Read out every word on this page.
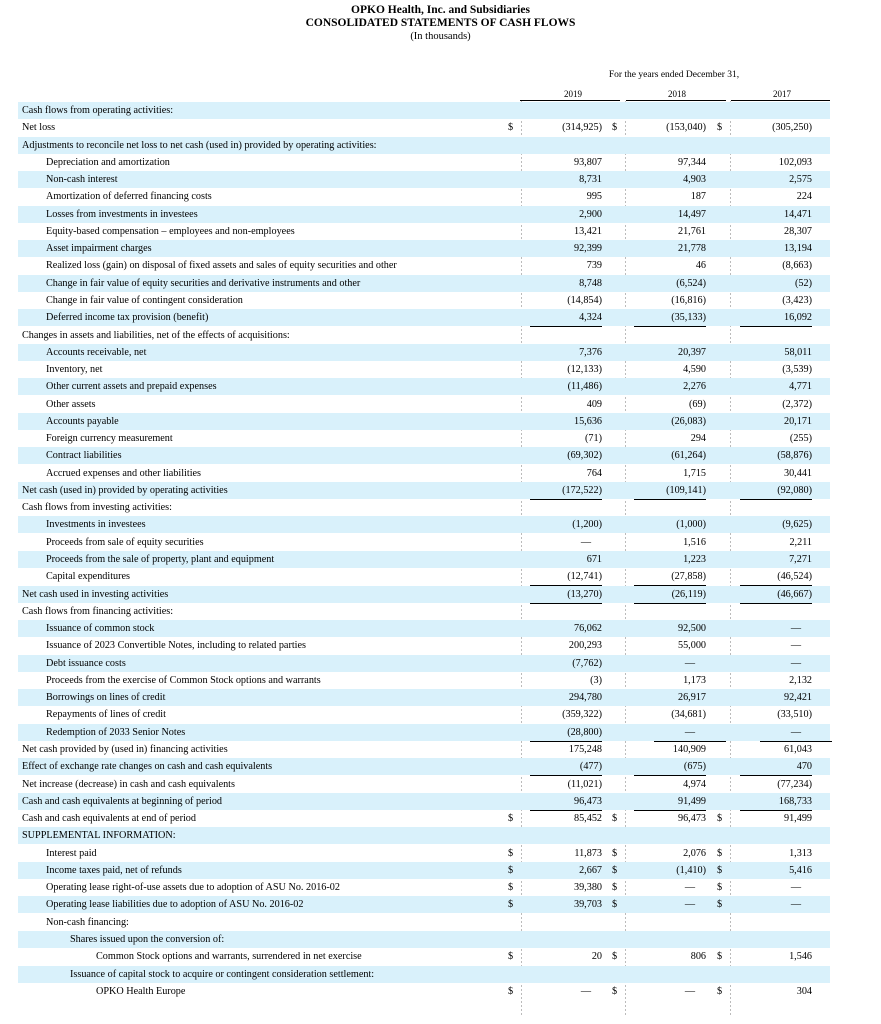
OPKO Health, Inc. and Subsidiaries
CONSOLIDATED STATEMENTS OF CASH FLOWS
(In thousands)
For the years ended December 31,
2019	2018	2017
Cash flows from operating activities:
Net loss	$	(314,925) $	(153,040) $	(305,250)
Adjustments to reconcile net loss to net cash (used in) provided by operating activities:
Depreciation and amortization	93,807	97,344	102,093
Non-cash interest	8,731	4,903	2,575
Amortization of deferred financing costs	995	187	224
Losses from investments in investees	2,900	14,497	14,471
Equity-based compensation – employees and non-employees	13,421	21,761	28,307
Asset impairment charges	92,399	21,778	13,194
Realized loss (gain) on disposal of fixed assets and sales of equity securities and other	739	46	(8,663)
Change in fair value of equity securities and derivative instruments and other	8,748	(6,524)	(52)
Change in fair value of contingent consideration	(14,854)	(16,816)	(3,423)
Deferred income tax provision (benefit)	4,324	(35,133)	16,092
Changes in assets and liabilities, net of the effects of acquisitions:
Accounts receivable, net	7,376	20,397	58,011
Inventory, net	(12,133)	4,590	(3,539)
Other current assets and prepaid expenses	(11,486)	2,276	4,771
Other assets	409	(69)	(2,372)
Accounts payable	15,636	(26,083)	20,171
Foreign currency measurement	(71)	294	(255)
Contract liabilities	(69,302)	(61,264)	(58,876)
Accrued expenses and other liabilities	764	1,715	30,441
Net cash (used in) provided by operating activities	(172,522)	(109,141)	(92,080)
Cash flows from investing activities:
Investments in investees	(1,200)	(1,000)	(9,625)
Proceeds from sale of equity securities	—	1,516	2,211
Proceeds from the sale of property, plant and equipment	671	1,223	7,271
Capital expenditures	(12,741)	(27,858)	(46,524)
Net cash used in investing activities	(13,270)	(26,119)	(46,667)
Cash flows from financing activities:
Issuance of common stock	76,062	92,500	—
Issuance of 2023 Convertible Notes, including to related parties	200,293	55,000	—
Debt issuance costs	(7,762)	—	—
Proceeds from the exercise of Common Stock options and warrants	(3)	1,173	2,132
Borrowings on lines of credit	294,780	26,917	92,421
Repayments of lines of credit	(359,322)	(34,681)	(33,510)
Redemption of 2033 Senior Notes	(28,800)	—	—
Net cash provided by (used in) financing activities	175,248	140,909	61,043
Effect of exchange rate changes on cash and cash equivalents	(477)	(675)	470
Net increase (decrease) in cash and cash equivalents	(11,021)	4,974	(77,234)
Cash and cash equivalents at beginning of period	96,473	91,499	168,733
Cash and cash equivalents at end of period	$	85,452 $	96,473 $	91,499
SUPPLEMENTAL INFORMATION:
Interest paid	$	11,873 $	2,076 $	1,313
Income taxes paid, net of refunds	$	2,667 $	(1,410) $	5,416
Operating lease right-of-use assets due to adoption of ASU No. 2016-02	$	39,380 $	—	$	—
Operating lease liabilities due to adoption of ASU No. 2016-02	$	39,703 $	—	$	—
Non-cash financing:
Shares issued upon the conversion of:
Common Stock options and warrants, surrendered in net exercise	$	20 $	806 $	1,546
Issuance of capital stock to acquire or contingent consideration settlement:
OPKO Health Europe	$	—	$	—	$	304
